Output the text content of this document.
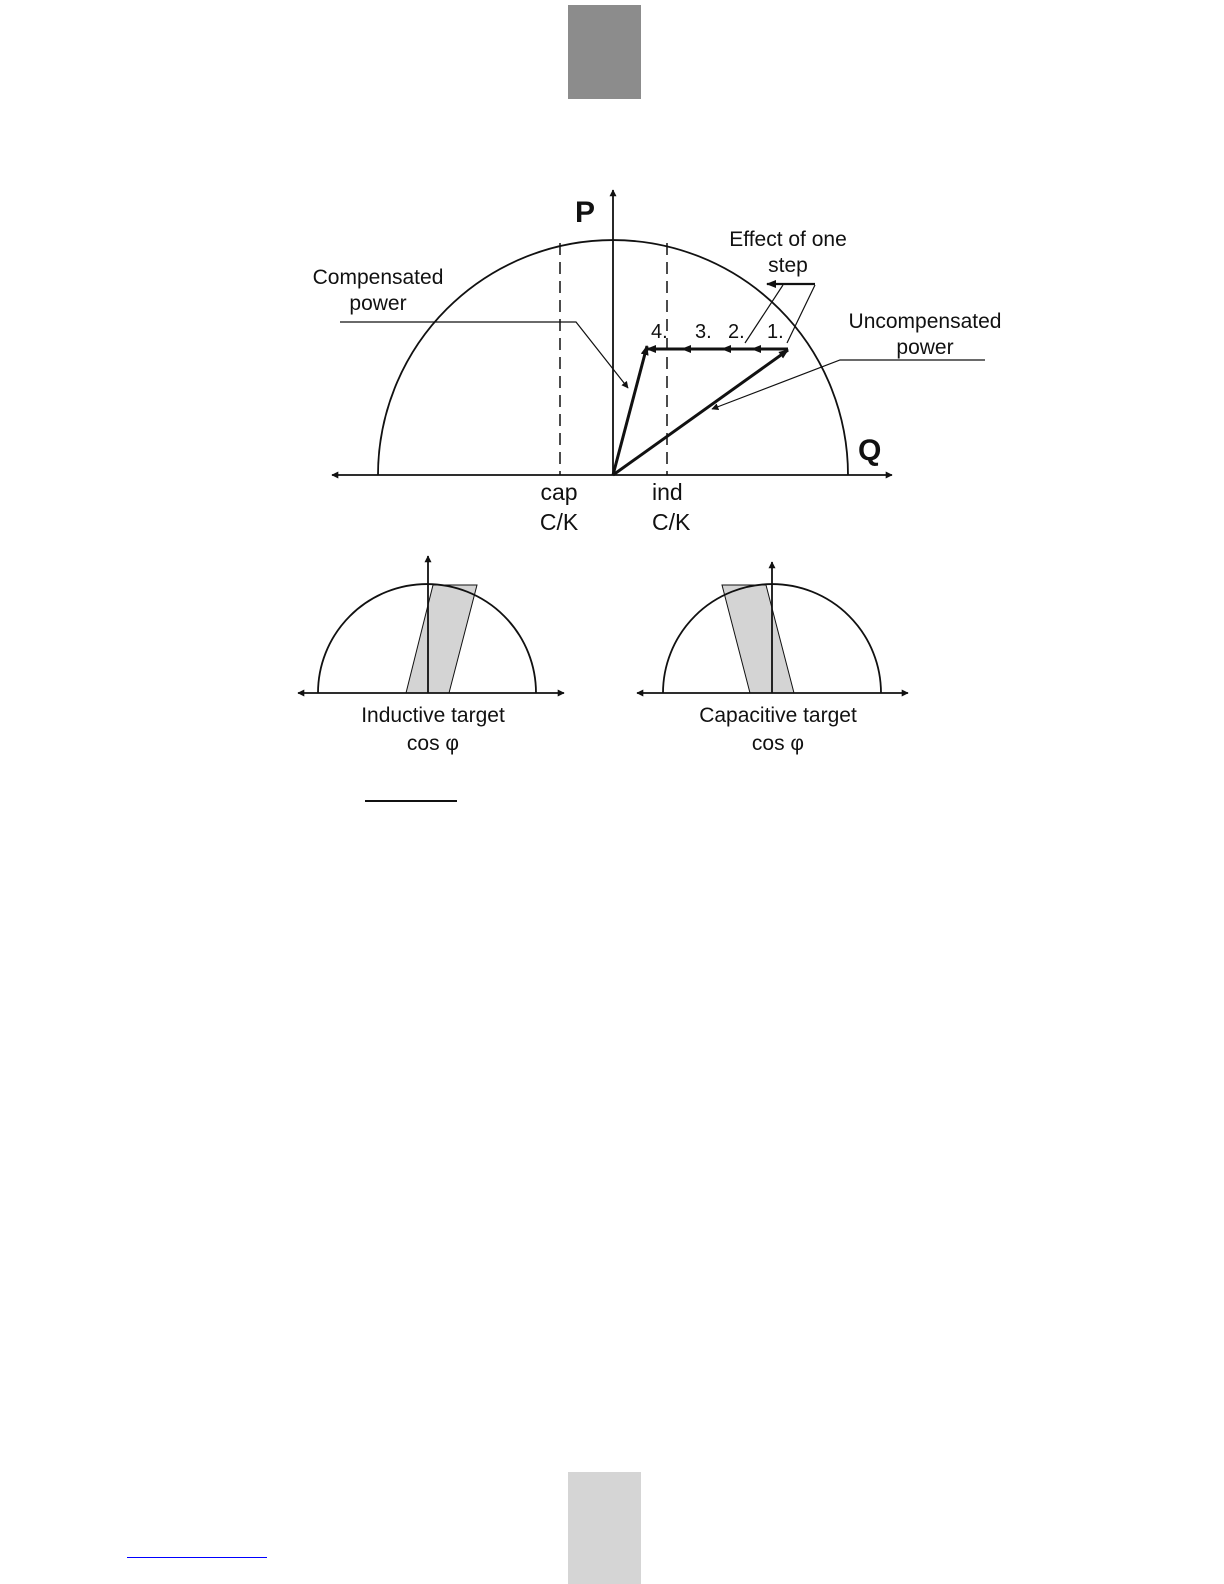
P
Q
Compensated
power
Effect of one
step
Uncompensated
power
4. 3. 2. 1.
cap
C/K
ind
C/K
Inductive target
cos φ
Capacitive target
cos φ
